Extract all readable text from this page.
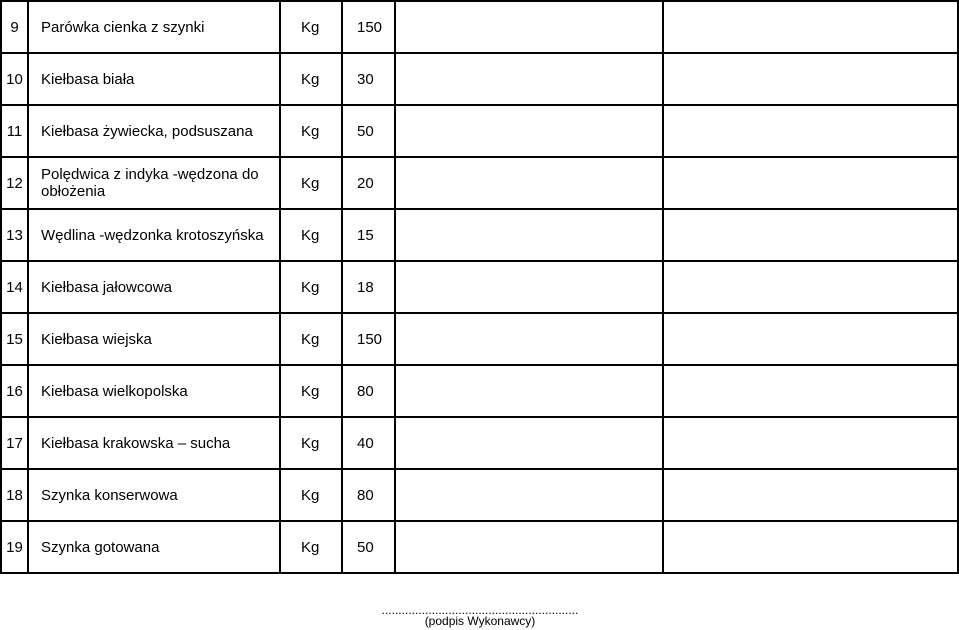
9	Parówka cienka z szynki	Kg	150		
10	Kiełbasa biała	Kg	30		
11	Kiełbasa żywiecka, podsuszana	Kg	50		
12	Polędwica z indyka -wędzona do obłożenia	Kg	20		
13	Wędlina -wędzonka krotoszyńska	Kg	15		
14	Kiełbasa jałowcowa	Kg	18		
15	Kiełbasa wiejska	Kg	150		
16	Kiełbasa wielkopolska	Kg	80		
17	Kiełbasa krakowska – sucha	Kg	40		
18	Szynka konserwowa	Kg	80		
19	Szynka gotowana	Kg	50		
...........................................................
(podpis Wykonawcy)
